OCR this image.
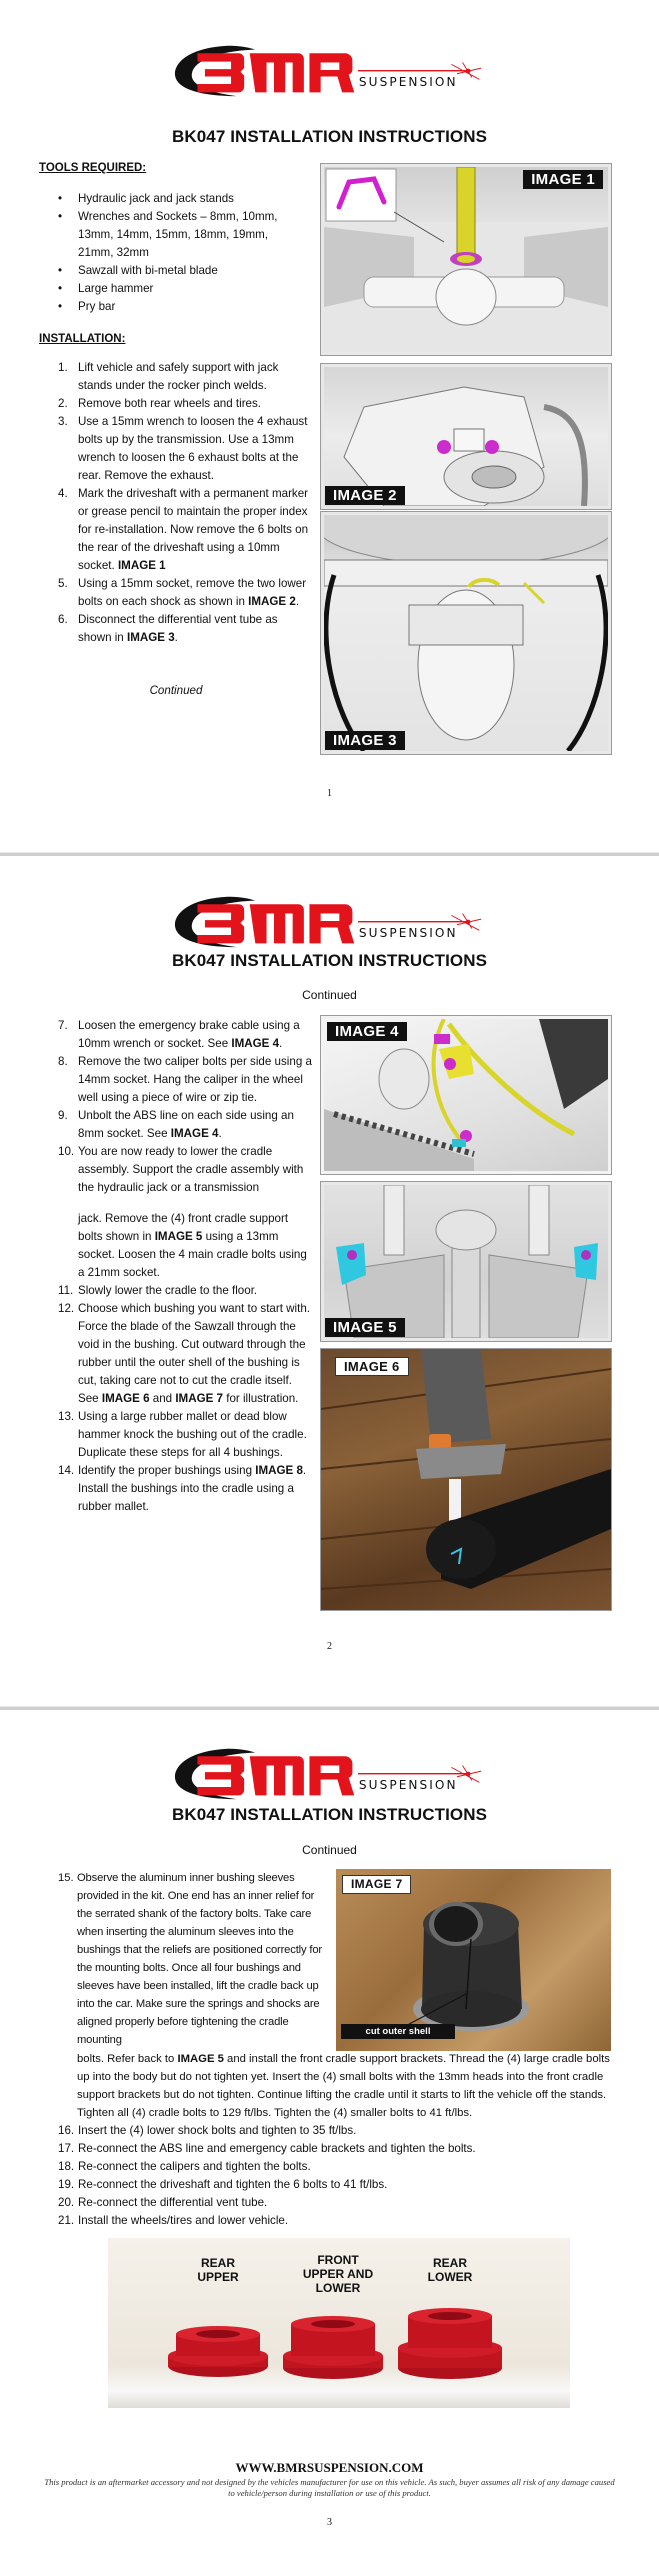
BK047 INSTALLATION INSTRUCTIONS
TOOLS REQUIRED:
• Hydraulic jack and jack stands
• Wrenches and Sockets – 8mm, 10mm, 13mm, 14mm, 15mm, 18mm, 19mm, 21mm, 32mm
• Sawzall with bi-metal blade
• Large hammer
• Pry bar
INSTALLATION:
1. Lift vehicle and safely support with jack stands under the rocker pinch welds.
2. Remove both rear wheels and tires.
3. Use a 15mm wrench to loosen the 4 exhaust bolts up by the transmission. Use a 13mm wrench to loosen the 6 exhaust bolts at the rear. Remove the exhaust.
4. Mark the driveshaft with a permanent marker or grease pencil to maintain the proper index for re-installation. Now remove the 6 bolts on the rear of the driveshaft using a 10mm socket. IMAGE 1
5. Using a 15mm socket, remove the two lower bolts on each shock as shown in IMAGE 2.
6. Disconnect the differential vent tube as shown in IMAGE 3.
Continued
IMAGE 1
IMAGE 2
IMAGE 3
1
BK047 INSTALLATION INSTRUCTIONS
Continued
7. Loosen the emergency brake cable using a 10mm wrench or socket. See IMAGE 4.
8. Remove the two caliper bolts per side using a 14mm socket. Hang the caliper in the wheel well using a piece of wire or zip tie.
9. Unbolt the ABS line on each side using an 8mm socket. See IMAGE 4.
10. You are now ready to lower the cradle assembly. Support the cradle assembly with the hydraulic jack or a transmission
jack. Remove the (4) front cradle support bolts shown in IMAGE 5 using a 13mm socket. Loosen the 4 main cradle bolts using a 21mm socket.
11. Slowly lower the cradle to the floor.
12. Choose which bushing you want to start with. Force the blade of the Sawzall through the void in the bushing. Cut outward through the rubber until the outer shell of the bushing is cut, taking care not to cut the cradle itself. See IMAGE 6 and IMAGE 7 for illustration.
13. Using a large rubber mallet or dead blow hammer knock the bushing out of the cradle. Duplicate these steps for all 4 bushings.
14. Identify the proper bushings using IMAGE 8. Install the bushings into the cradle using a rubber mallet.
IMAGE 4
IMAGE 5
IMAGE 6
2
BK047 INSTALLATION INSTRUCTIONS
Continued
15. Observe the aluminum inner bushing sleeves provided in the kit. One end has an inner relief for the serrated shank of the factory bolts. Take care when inserting the aluminum sleeves into the bushings that the reliefs are positioned correctly for the mounting bolts. Once all four bushings and sleeves have been installed, lift the cradle back up into the car. Make sure the springs and shocks are aligned properly before tightening the cradle mounting
bolts. Refer back to IMAGE 5 and install the front cradle support brackets. Thread the (4) large cradle bolts up into the body but do not tighten yet. Insert the (4) small bolts with the 13mm heads into the front cradle support brackets but do not tighten. Continue lifting the cradle until it starts to lift the vehicle off the stands. Tighten all (4) cradle bolts to 129 ft/lbs. Tighten the (4) smaller bolts to 41 ft/lbs.
16. Insert the (4) lower shock bolts and tighten to 35 ft/lbs.
17. Re-connect the ABS line and emergency cable brackets and tighten the bolts.
18. Re-connect the calipers and tighten the bolts.
19. Re-connect the driveshaft and tighten the 6 bolts to 41 ft/lbs.
20. Re-connect the differential vent tube.
21. Install the wheels/tires and lower vehicle.
IMAGE 7
cut outer shell
REAR
UPPER
FRONT
UPPER AND
LOWER
REAR
LOWER
WWW.BMRSUSPENSION.COM
This product is an aftermarket accessory and not designed by the vehicles manufacturer for use on this vehicle. As such, buyer assumes all risk of any damage caused to vehicle/person during installation or use of this product.
3
